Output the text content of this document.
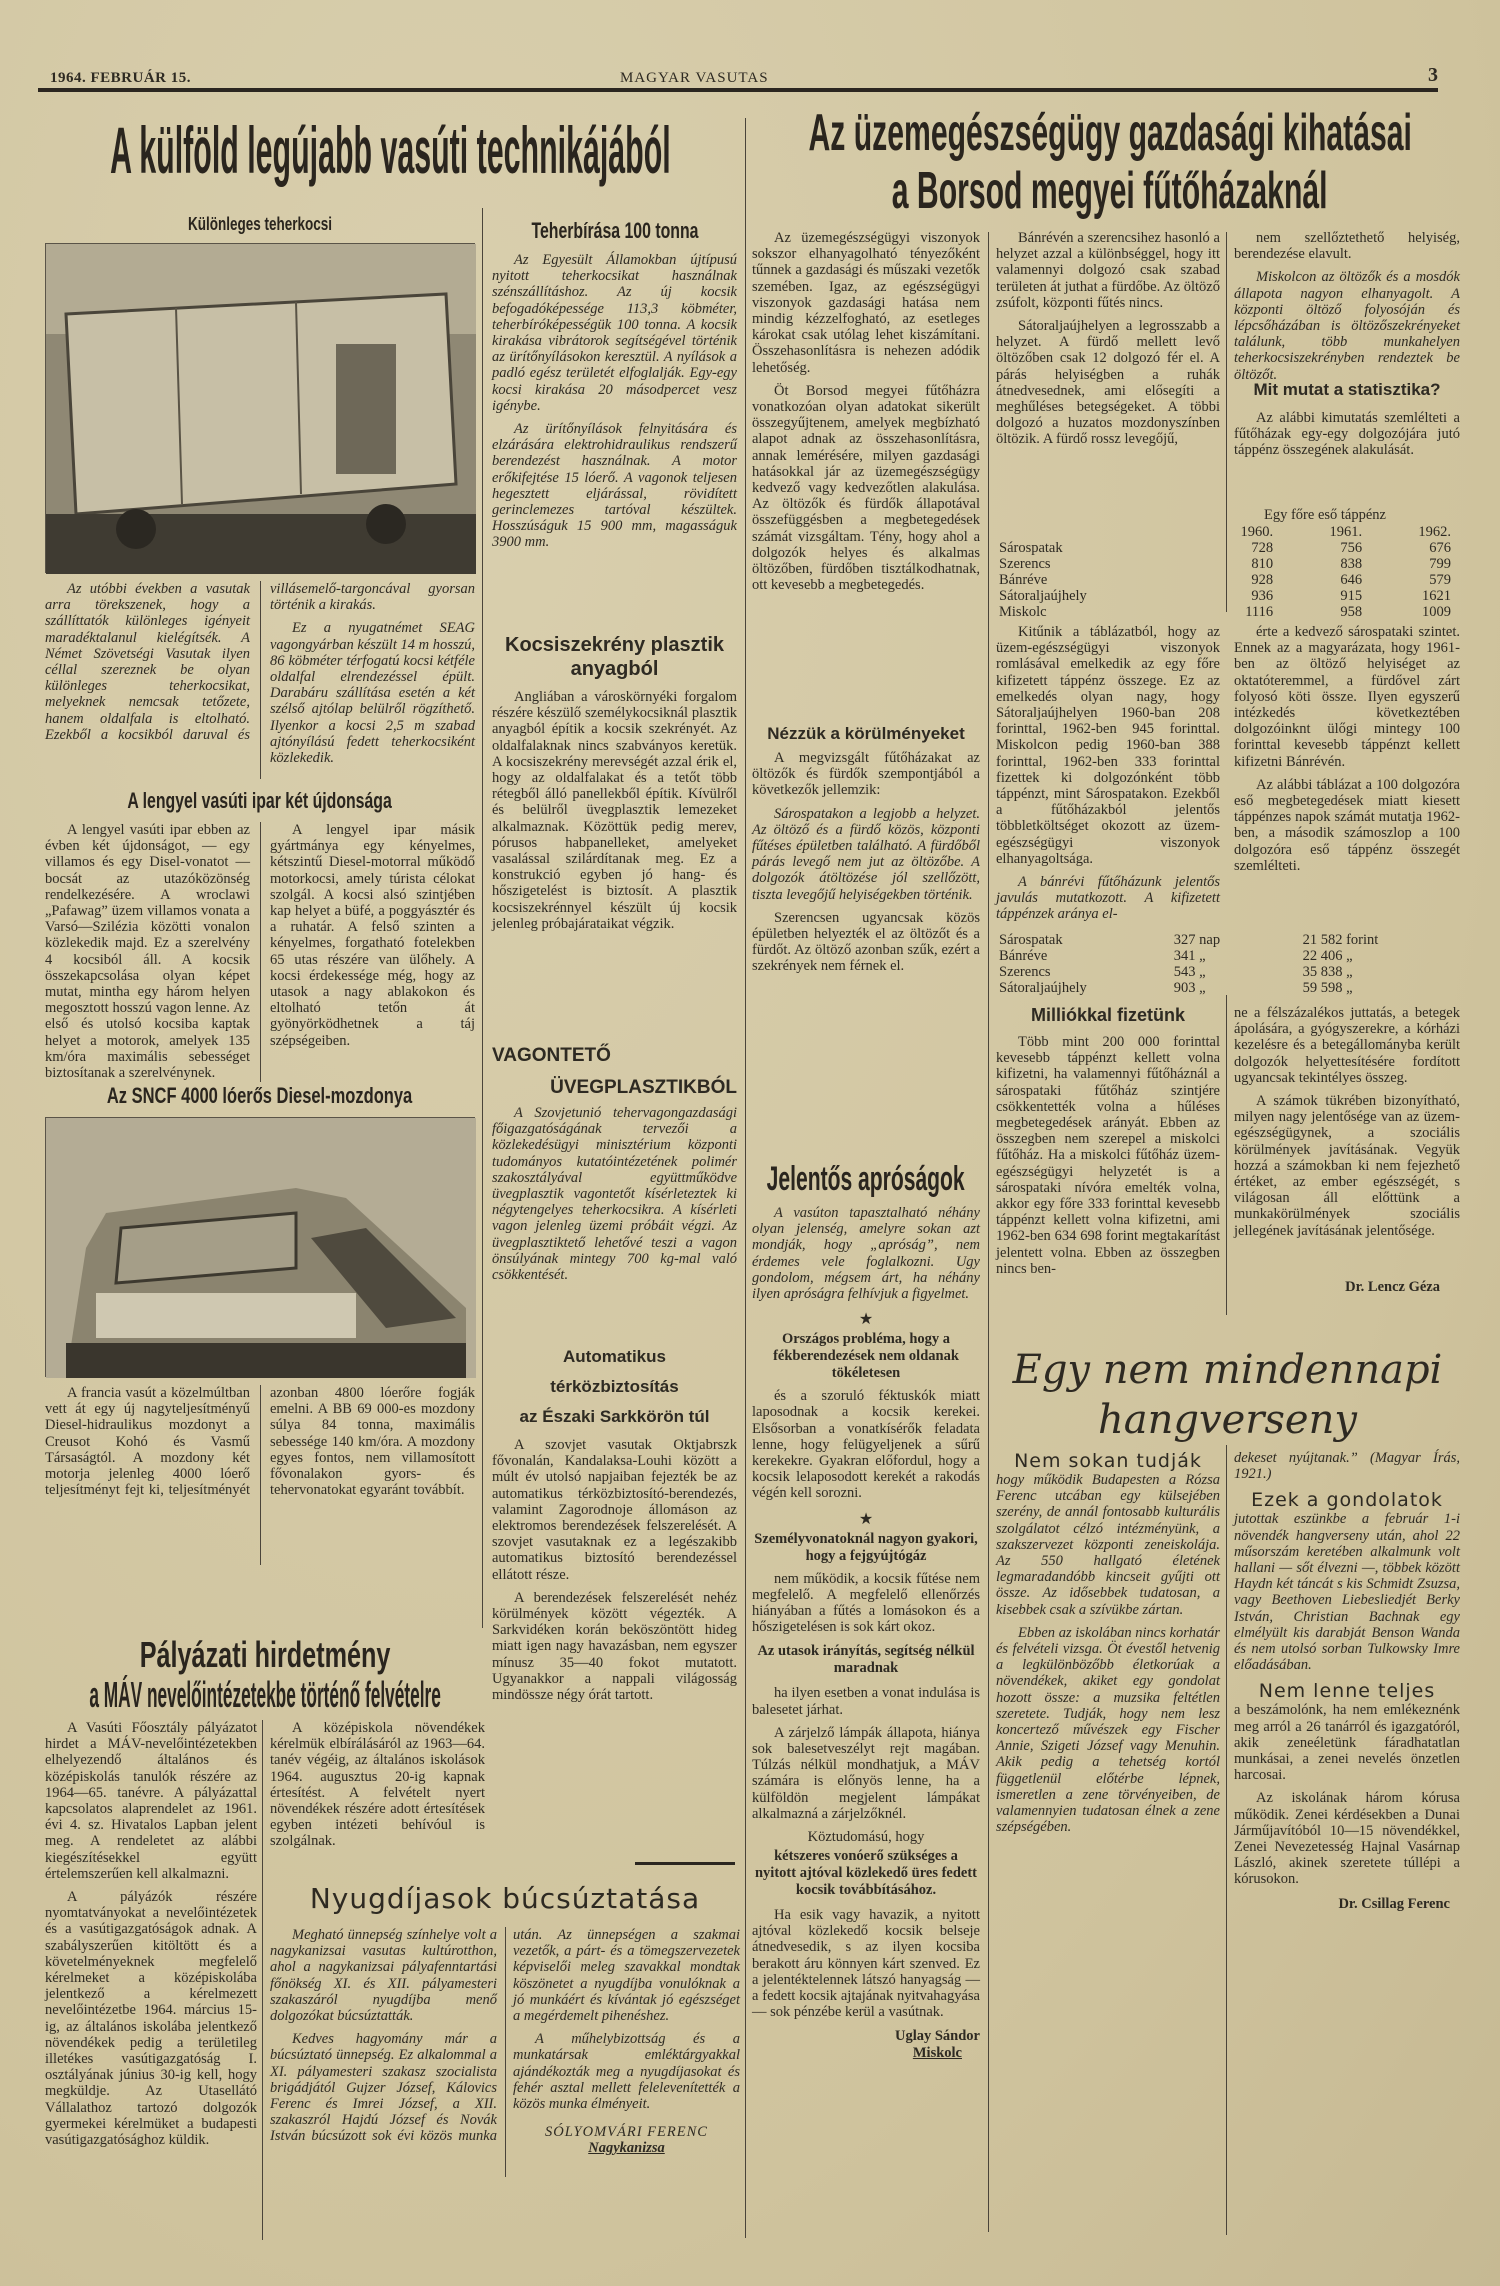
1964. FEBRUÁR 15.	MAGYAR VASUTAS	3
A külföld legújabb vasúti technikájából
Különleges teherkocsi

Az utóbbi években a vasutak arra törekszenek, hogy a szállíttatók különleges igényeit maradéktalanul kielégítsék. A Német Szövetségi Vasutak ilyen céllal szereznek be olyan különleges teherkocsikat, melyeknek nemcsak tetőzete, hanem oldalfala is eltolható. Ezekből a kocsikból daruval és villásemelő-targoncával gyorsan történik a kirakás.

Ez a nyugatnémet SEAG vagongyárban készült 14 m hosszú, 86 köbméter térfogatú kocsi kétféle oldalfal elrendezéssel épült. Darabáru szállítása esetén a két szélső ajtólap belülről rögzíthető. Ilyenkor a kocsi 2,5 m szabad ajtónyílású fedett teherkocsiként közlekedik.

A lengyel vasúti ipar két újdonsága

A lengyel vasúti ipar ebben az évben két újdonságot, — egy villamos és egy Disel-vonatot — bocsát az utazóközönség rendelkezésére. A wroclawi „Pafawag” üzem villamos vonata a Varsó—Szilézia közötti vonalon közlekedik majd. Ez a szerelvény 4 kocsiból áll. A kocsik összekapcsolása olyan képet mutat, mintha egy három helyen megosztott hosszú vagon lenne. Az első és utolsó kocsiba kaptak helyet a motorok, amelyek 135 km/óra maximális sebességet biztosítanak a szerelvénynek.

A lengyel ipar másik gyártmánya egy kényelmes, kétszintű Diesel-motorral működő motorkocsi, amely túrista célokat szolgál. A kocsi alsó szintjében kap helyet a büfé, a poggyásztér és a ruhatár. A felső szinten a kényelmes, forgatható fotelekben 65 utas részére van ülőhely. A kocsi érdekessége még, hogy az utasok a nagy ablakokon és eltolható tetőn át gyönyörködhetnek a táj szépségeiben.

Az SNCF 4000 lóerős Diesel-mozdonya

A francia vasút a közelmúltban vett át egy új nagyteljesítményű Diesel-hidraulikus mozdonyt a Creusot Kohó és Vasmű Társaságtól. A mozdony két motorja jelenleg 4000 lóerő teljesítményt fejt ki, teljesítményét azonban 4800 lóerőre fogják emelni. A BB 69 000-es mozdony súlya 84 tonna, maximális sebessége 140 km/óra. A mozdony egyes fontos, nem villamosított fővonalakon gyors- és tehervonatokat egyaránt továbbít.

Teherbírása 100 tonna

Az Egyesült Államokban újtípusú nyitott teherkocsikat használnak szénszállításhoz. Az új kocsik befogadóképessége 113,3 köbméter, teherbíróképességük 100 tonna. A kocsik kirakása vibrátorok segítségével történik az ürítőnyílásokon keresztül. A nyílások a padló egész területét elfoglalják. Egy-egy kocsi kirakása 20 másodpercet vesz igénybe.

Az ürítőnyílások felnyitására és elzárására elektrohidraulikus rendszerű berendezést használnak. A motor erőkifejtése 15 lóerő. A vagonok teljesen hegesztett eljárással, rövidített gerinclemezes tartóval készültek. Hosszúságuk 15 900 mm, magasságuk 3900 mm.

Kocsiszekrény plasztik anyagból

Angliában a városkörnyéki forgalom részére készülő személykocsiknál plasztik anyagból építik a kocsik szekrényét. Az oldalfalaknak nincs szabványos keretük. A kocsiszekrény merevségét azzal érik el, hogy az oldalfalakat és a tetőt több rétegből álló panellekből építik. Kívülről és belülről üvegplasztik lemezeket alkalmaznak. Közöttük pedig merev, pórusos habpanelleket, amelyeket vasalással szilárdítanak meg. Ez a konstrukció egyben jó hang- és hőszigetelést is biztosít. A plasztik kocsiszekrénnyel készült új kocsik jelenleg próbajárataikat végzik.

VAGONTETŐ
ÜVEGPLASZTIKBÓL

A Szovjetunió tehervagongazdasági főigazgatóságának tervezői a közlekedésügyi minisztérium központi tudományos kutatóintézetének polimér szakosztályával együttműködve üvegplasztik vagontetőt kísérleteztek ki négytengelyes teherkocsikra. A kísérleti vagon jelenleg üzemi próbáit végzi. Az üvegplasztiktető lehetővé teszi a vagon önsúlyának mintegy 700 kg-mal való csökkentését.

Automatikus
térközbiztosítás
az Északi Sarkkörön túl

A szovjet vasutak Oktjabrszk fővonalán, Kandalaksa-Louhi között a múlt év utolsó napjaiban fejezték be az automatikus térközbiztosító-berendezés, valamint Zagorodnoje állomáson az elektromos berendezések felszerelését. A szovjet vasutaknak ez a legészakibb automatikus biztosító berendezéssel ellátott része.

A berendezések felszerelését nehéz körülmények között végezték. A Sarkvidéken korán beköszöntött hideg miatt igen nagy havazásban, nem egyszer mínusz 35—40 fokot mutatott. Ugyanakkor a nappali világosság mindössze négy órát tartott.

Pályázati hirdetmény
a MÁV nevelőintézetekbe történő felvételre

A Vasúti Főosztály pályázatot hirdet a MÁV-nevelőintézetekben elhelyezendő általános és középiskolás tanulók részére az 1964—65. tanévre. A pályázattal kapcsolatos alaprendelet az 1961. évi 4. sz. Hivatalos Lapban jelent meg. A rendeletet az alábbi kiegészítésekkel együtt értelemszerűen kell alkalmazni.

A pályázók részére nyomtatványokat a nevelőintézetek és a vasútigazgatóságok adnak. A szabályszerűen kitöltött és a követelményeknek megfelelő kérelmeket a középiskolába jelentkező a kérelmezett nevelőintézetbe 1964. március 15-ig, az általános iskolába jelentkező növendékek pedig a területileg illetékes vasútigazgatóság I. osztályának június 30-ig kell, hogy megküldje. Az Utasellátó Vállalathoz tartozó dolgozók gyermekei kérelmüket a budapesti vasútigazgatósághoz küldik.

A középiskola növendékek kérelmük elbírálásáról az 1963—64. tanév végéig, az általános iskolások 1964. augusztus 20-ig kapnak értesítést. A felvételt nyert növendékek részére adott értesítések egyben intézeti behívóul is szolgálnak.

Nyugdíjasok búcsúztatása

Megható ünnepség színhelye volt a nagykanizsai vasutas kultúrotthon, ahol a nagykanizsai pályafenntartási főnökség XI. és XII. pályamesteri szakaszáról nyugdíjba menő dolgozókat búcsúztatták.

Kedves hagyomány már a búcsúztató ünnepség. Ez alkalommal a XI. pályamesteri szakasz szocialista brigádjától Gujzer József, Kálovics Ferenc és Imrei József, a XII. szakaszról Hajdú József és Novák István búcsúzott sok évi közös munka után. Az ünnepségen a szakmai vezetők, a párt- és a tömegszervezetek képviselői meleg szavakkal mondtak köszönetet a nyugdíjba vonulóknak a jó munkáért és kívántak jó egészséget a megérdemelt pihenéshez.

A műhelybizottság és a munkatársak emléktárgyakkal ajándékozták meg a nyugdíjasokat és fehér asztal mellett felelevenítették a közös munka élményeit.

SÓLYOMVÁRI FERENC
Nagykanizsa
Az üzemegészségügy gazdasági kihatásai
a Borsod megyei fűtőházaknál

Az üzemegészségügyi viszonyok sokszor elhanyagolható tényezőként tűnnek a gazdasági és műszaki vezetők szemében. Igaz, az egészségügyi viszonyok gazdasági hatása nem mindig kézzelfogható, az esetleges károkat csak utólag lehet kiszámítani. Összehasonlításra is nehezen adódik lehetőség.

Öt Borsod megyei fűtőházra vonatkozóan olyan adatokat sikerült összegyűjtenem, amelyek megbízható alapot adnak az összehasonlításra, annak lemérésére, milyen gazdasági hatásokkal jár az üzemegészségügy kedvező vagy kedvezőtlen alakulása. Az öltözők és fürdők állapotával összefüggésben a megbetegedések számát vizsgáltam. Tény, hogy ahol a dolgozók helyes és alkalmas öltözőben, fürdőben tisztálkodhatnak, ott kevesebb a megbetegedés.

Nézzük a körülményeket

A megvizsgált fűtőházakat az öltözők és fürdők szempontjából a következők jellemzik:

Sárospatakon a legjobb a helyzet. Az öltöző és a fürdő közös, központi fűtéses épületben található. A fürdőből párás levegő nem jut az öltözőbe. A dolgozók átöltözése jól szellőzött, tiszta levegőjű helyiségekben történik.

Szerencsen ugyancsak közös épületben helyezték el az öltözőt és a fürdőt. Az öltöző azonban szűk, ezért a szekrények nem férnek el.

Jelentős apróságok

A vasúton tapasztalható néhány olyan jelenség, amelyre sokan azt mondják, hogy „apróság”, nem érdemes vele foglalkozni. Ugy gondolom, mégsem árt, ha néhány ilyen apróságra felhívjuk a figyelmet.

★
Országos probléma, hogy a fékberendezések nem oldanak tökéletesen

és a szoruló féktuskók miatt laposodnak a kocsik kerekei. Elsősorban a vonatkísérők feladata lenne, hogy felügyeljenek a sűrű kerekekre. Gyakran előfordul, hogy a kocsik lelaposodott kerekét a rakodás végén kell sorozni.

★
Személyvonatoknál nagyon gyakori, hogy a fejgyújtógáz

nem működik, a kocsik fűtése nem megfelelő. A megfelelő ellenőrzés hiányában a fűtés a lomásokon és a hőszigetelésen is sok kárt okoz.

Az utasok irányítás, segítség nélkül maradnak

ha ilyen esetben a vonat indulása is balesetet járhat.

A zárjelző lámpák állapota, hiánya sok balesetveszélyt rejt magában. Túlzás nélkül mondhatjuk, a MÁV számára is előnyös lenne, ha a külföldön megjelent lámpákat alkalmazná a zárjelzőknél.

Köztudomású, hogy
kétszeres vonóerő szükséges a nyitott ajtóval közlekedő üres fedett kocsik továbbításához.

Ha esik vagy havazik, a nyitott ajtóval közlekedő kocsik belseje átnedvesedik, s az ilyen kocsiba berakott áru könnyen kárt szenved. Ez a jelentéktelennek látszó hanyagság — a fedett kocsik ajtajának nyitvahagyása — sok pénzébe kerül a vasútnak.

Uglay Sándor
Miskolc

Bánrévén a szerencsihez hasonló a helyzet azzal a különbséggel, hogy itt valamennyi dolgozó csak szabad területen át juthat a fürdőbe. Az öltöző zsúfolt, központi fűtés nincs.

Sátoraljaújhelyen a legrosszabb a helyzet. A fürdő mellett levő öltözőben csak 12 dolgozó fér el. A párás helyiségben a ruhák átnedvesednek, ami elősegíti a meghűléses betegségeket. A többi dolgozó a huzatos mozdonyszínben öltözik. A fürdő rossz levegőjű,

nem szellőztethető helyiség, berendezése elavult.

Miskolcon az öltözők és a mosdók állapota nagyon elhanyagolt. A központi öltöző folyosóján és lépcsőházában is öltözőszekrényeket találunk, több munkahelyen teherkocsiszekrényben rendeztek be öltözőt.

Mit mutat a statisztika?

Az alábbi kimutatás szemlélteti a fűtőházak egy-egy dolgozójára jutó táppénz összegének alakulását.

Egy főre eső táppénz
	1960.	1961.	1962.
Sárospatak	728	756	676
Szerencs	810	838	799
Bánréve	928	646	579
Sátoraljaújhely	936	915	1621
Miskolc	1116	958	1009

Kitűnik a táblázatból, hogy az üzem-egészségügyi viszonyok romlásával emelkedik az egy főre kifizetett táppénz összege. Ez az emelkedés olyan nagy, hogy Sátoraljaújhelyen 1960-ban 208 forinttal, 1962-ben 945 forinttal. Miskolcon pedig 1960-ban 388 forinttal, 1962-ben 333 forinttal fizettek ki dolgozónként több táppénzt, mint Sárospatakon. Ezekből a fűtőházakból jelentős többletköltséget okozott az üzem-egészségügyi viszonyok elhanyagoltsága.

A bánrévi fűtőházunk jelentős javulás mutatkozott. A kifizetett táppénzek aránya el-

érte a kedvező sárospataki szintet. Ennek az a magyarázata, hogy 1961-ben az öltöző helyiséget az oktatóteremmel, a fürdővel zárt folyosó köti össze. Ilyen egyszerű intézkedés következtében dolgozóinknt ülőgi mintegy 100 forinttal kevesebb táppénzt kellett kifizetni Bánrévén.

Az alábbi táblázat a 100 dolgozóra eső megbetegedések miatt kiesett táppénzes napok számát mutatja 1962-ben, a második számoszlop a 100 dolgozóra eső táppénz összegét szemlélteti.

Sárospatak	327 nap	21 582 forint
Bánréve	341 „	22 406 „
Szerencs	543 „	35 838 „
Sátoraljaújhely	903 „	59 598 „
Milliókkal fizetünk

Több mint 200 000 forinttal kevesebb táppénzt kellett volna kifizetni, ha valamennyi fűtőháznál a sárospataki fűtőház szintjére csökkentették volna a hűléses megbetegedések arányát. Ebben az összegben nem szerepel a miskolci fűtőház. Ha a miskolci fűtőház üzem-egészségügyi helyzetét is a sárospataki nívóra emelték volna, akkor egy főre 333 forinttal kevesebb táppénzt kellett volna kifizetni, ami 1962-ben 634 698 forint megtakarítást jelentett volna. Ebben az összegben nincs ben-

ne a félszázalékos juttatás, a betegek ápolására, a gyógyszerekre, a kórházi kezelésre és a betegállományba került dolgozók helyettesítésére fordított ugyancsak tekintélyes összeg.

A számok tükrében bizonyítható, milyen nagy jelentősége van az üzem-egészségügynek, a szociális körülmények javításának. Vegyük hozzá a számokban ki nem fejezhető értéket, az ember egészségét, s világosan áll előttünk a munkakörülmények szociális jellegének javításának jelentősége.

Dr. Lencz Géza
Egy nem mindennapi
hangverseny
Nem sokan tudják

hogy működik Budapesten a Rózsa Ferenc utcában egy külsejében szerény, de annál fontosabb kulturális szolgálatot célzó intézményünk, a szakszervezet központi zeneiskolája. Az 550 hallgató életének legmaradandóbb kincseit gyűjti ott össze. Az idősebbek tudatosan, a kisebbek csak a szívükbe zártan.

Ebben az iskolában nincs korhatár és felvételi vizsga. Öt évestől hetvenig a legkülönbözőbb életkorúak a növendékek, akiket egy gondolat hozott össze: a muzsika feltétlen szeretete. Tudják, hogy nem lesz koncertező művészek egy Fischer Annie, Szigeti József vagy Menuhin. Akik pedig a tehetség kortól függetlenül előtérbe lépnek, ismeretlen a zene törvényeiben, de valamennyien tudatosan élnek a zene szépségében.

dekeset nyújtanak.” (Magyar Írás, 1921.)

Ezek a gondolatok

jutottak eszünkbe a február 1-i növendék hangverseny után, ahol 22 műsorszám keretében alkalmunk volt hallani — sőt élvezni —, többek között Haydn két táncát s kis Schmidt Zsuzsa, vagy Beethoven Liebesliedjét Berky István, Christian Bachnak egy elmélyült kis darabját Benson Wanda és nem utolsó sorban Tulkowsky Imre előadásában.

Nem lenne teljes

a beszámolónk, ha nem emlékeznénk meg arról a 26 tanárról és igazgatóról, akik zeneéletünk fáradhatatlan munkásai, a zenei nevelés önzetlen harcosai.

Az iskolának három kórusa működik. Zenei kérdésekben a Dunai Járműjavítóból 10—15 növendékkel, Zenei Nevezetesség Hajnal Vasárnap László, akinek szeretete túllépi a kórusokon.

Dr. Csillag Ferenc
